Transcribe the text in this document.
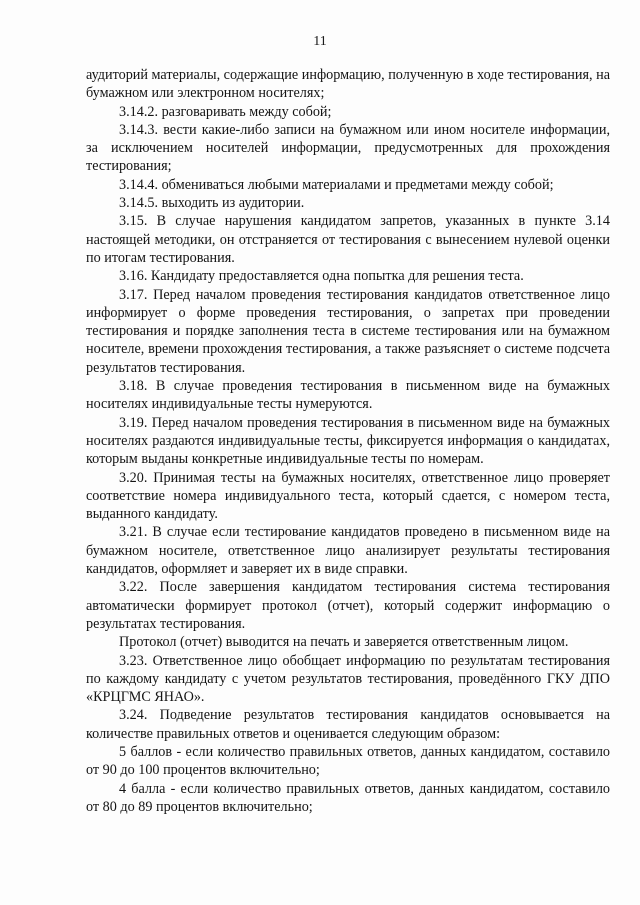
11

аудиторий материалы, содержащие информацию, полученную в ходе тестирования, на бумажном или электронном носителях;

3.14.2. разговаривать между собой;

3.14.3. вести какие-либо записи на бумажном или ином носителе информации, за исключением носителей информации, предусмотренных для прохождения тестирования;

3.14.4. обмениваться любыми материалами и предметами между собой;

3.14.5. выходить из аудитории.

3.15. В случае нарушения кандидатом запретов, указанных в пункте 3.14 настоящей методики, он отстраняется от тестирования с вынесением нулевой оценки по итогам тестирования.

3.16. Кандидату предоставляется одна попытка для решения теста.

3.17. Перед началом проведения тестирования кандидатов ответственное лицо информирует о форме проведения тестирования, о запретах при проведении тестирования и порядке заполнения теста в системе тестирования или на бумажном носителе, времени прохождения тестирования, а также разъясняет о системе подсчета результатов тестирования.

3.18. В случае проведения тестирования в письменном виде на бумажных носителях индивидуальные тесты нумеруются.

3.19. Перед началом проведения тестирования в письменном виде на бумажных носителях раздаются индивидуальные тесты, фиксируется информация о кандидатах, которым выданы конкретные индивидуальные тесты по номерам.

3.20. Принимая тесты на бумажных носителях, ответственное лицо проверяет соответствие номера индивидуального теста, который сдается, с номером теста, выданного кандидату.

3.21. В случае если тестирование кандидатов проведено в письменном виде на бумажном носителе, ответственное лицо анализирует результаты тестирования кандидатов, оформляет и заверяет их в виде справки.

3.22. После завершения кандидатом тестирования система тестирования автоматически формирует протокол (отчет), который содержит информацию о результатах тестирования.

Протокол (отчет) выводится на печать и заверяется ответственным лицом.

3.23. Ответственное лицо обобщает информацию по результатам тестирования по каждому кандидату с учетом результатов тестирования, проведённого ГКУ ДПО «КРЦГМС ЯНАО».

3.24. Подведение результатов тестирования кандидатов основывается на количестве правильных ответов и оценивается следующим образом:

5 баллов - если количество правильных ответов, данных кандидатом, составило от 90 до 100 процентов включительно;

4 балла - если количество правильных ответов, данных кандидатом, составило от 80 до 89 процентов включительно;
